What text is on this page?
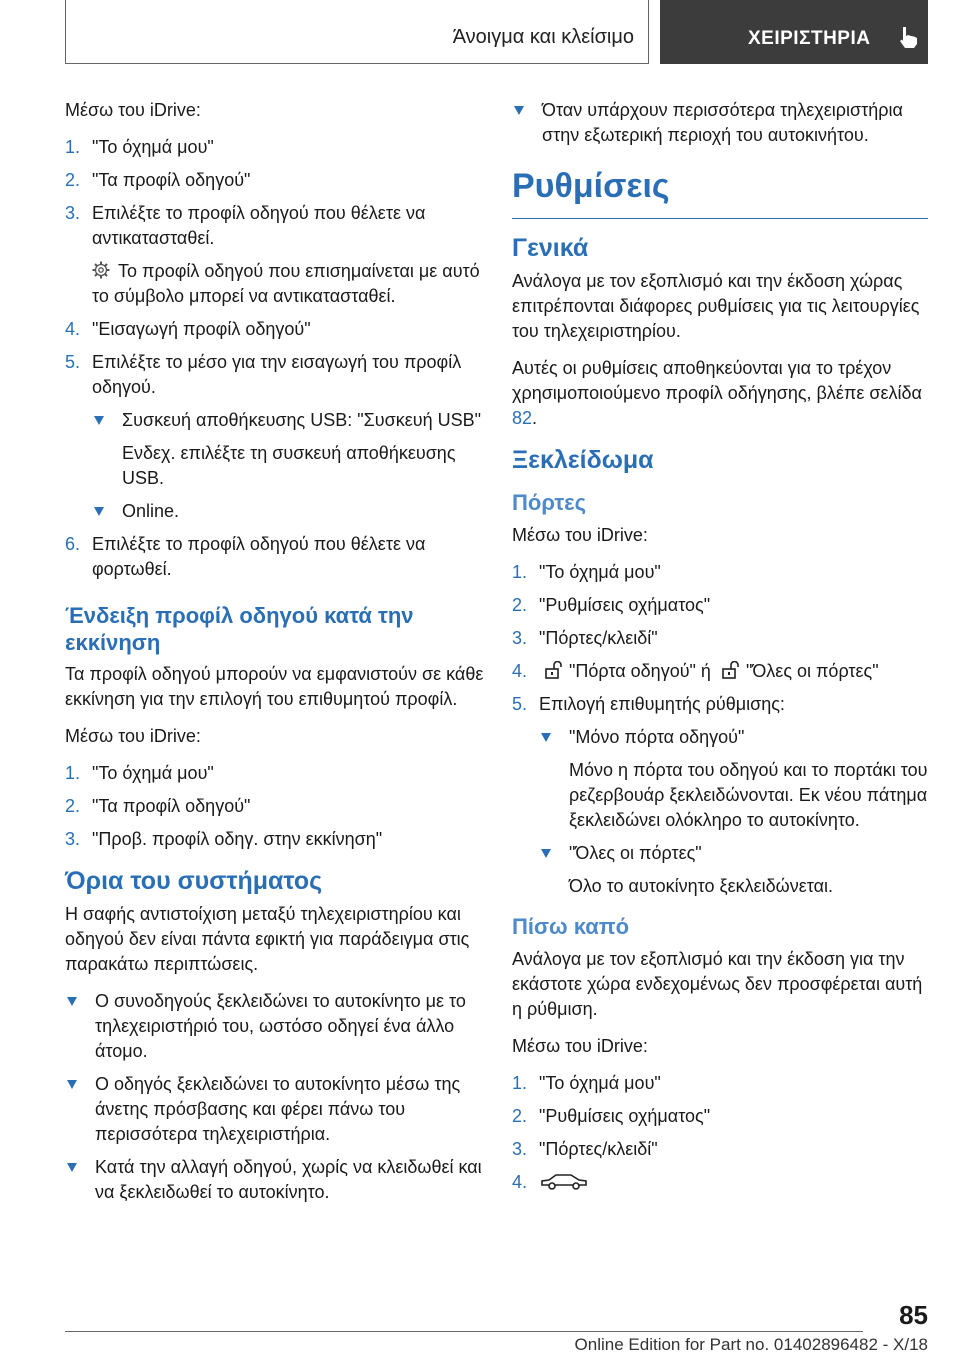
Άνοιγμα και κλείσιμο	ΧΕΙΡΙΣΤΗΡΙΑ

Μέσω του iDrive:

1. "Το όχημά μου"
2. "Τα προφίλ οδηγού"
3. Επιλέξτε το προφίλ οδηγού που θέλετε να αντικατασταθεί.
Το προφίλ οδηγού που επισημαίνεται με αυτό το σύμβολο μπορεί να αντικατασταθεί.
4. "Εισαγωγή προφίλ οδηγού"
5. Επιλέξτε το μέσο για την εισαγωγή του προφίλ οδηγού.
Συσκευή αποθήκευσης USB: "Συσκευή USB"
Ενδεχ. επιλέξτε τη συσκευή αποθήκευσης USB.
Online.
6. Επιλέξτε το προφίλ οδηγού που θέλετε να φορτωθεί.
Ένδειξη προφίλ οδηγού κατά την εκκίνηση

Τα προφίλ οδηγού μπορούν να εμφανιστούν σε κάθε εκκίνηση για την επιλογή του επιθυμητού προφίλ.

Μέσω του iDrive:

1. "Το όχημά μου"
2. "Τα προφίλ οδηγού"
3. "Προβ. προφίλ οδηγ. στην εκκίνηση"
Όρια του συστήματος

Η σαφής αντιστοίχιση μεταξύ τηλεχειριστηρίου και οδηγού δεν είναι πάντα εφικτή για παράδειγμα στις παρακάτω περιπτώσεις.

Ο συνοδηγούς ξεκλειδώνει το αυτοκίνητο με το τηλεχειριστήριό του, ωστόσο οδηγεί ένα άλλο άτομο.
Ο οδηγός ξεκλειδώνει το αυτοκίνητο μέσω της άνετης πρόσβασης και φέρει πάνω του περισσότερα τηλεχειριστήρια.
Κατά την αλλαγή οδηγού, χωρίς να κλειδωθεί και να ξεκλειδωθεί το αυτοκίνητο.
Όταν υπάρχουν περισσότερα τηλεχειριστήρια στην εξωτερική περιοχή του αυτοκινήτου.
Ρυθμίσεις
Γενικά

Ανάλογα με τον εξοπλισμό και την έκδοση χώρας επιτρέπονται διάφορες ρυθμίσεις για τις λειτουργίες του τηλεχειριστηρίου.

Αυτές οι ρυθμίσεις αποθηκεύονται για το τρέχον χρησιμοποιούμενο προφίλ οδήγησης, βλέπε σελίδα 82.

Ξεκλείδωμα
Πόρτες

Μέσω του iDrive:

1. "Το όχημά μου"
2. "Ρυθμίσεις οχήματος"
3. "Πόρτες/κλειδί"
4. "Πόρτα οδηγού" ή "Όλες οι πόρτες"
5. Επιλογή επιθυμητής ρύθμισης:
"Μόνο πόρτα οδηγού"
Μόνο η πόρτα του οδηγού και το πορτάκι του ρεζερβουάρ ξεκλειδώνονται. Εκ νέου πάτημα ξεκλειδώνει ολόκληρο το αυτοκίνητο.
"Όλες οι πόρτες"
Όλο το αυτοκίνητο ξεκλειδώνεται.
Πίσω καπό

Ανάλογα με τον εξοπλισμό και την έκδοση για την εκάστοτε χώρα ενδεχομένως δεν προσφέρεται αυτή η ρύθμιση.

Μέσω του iDrive:

1. "Το όχημά μου"
2. "Ρυθμίσεις οχήματος"
3. "Πόρτες/κλειδί"
4.
85
Online Edition for Part no. 01402896482 - X/18
